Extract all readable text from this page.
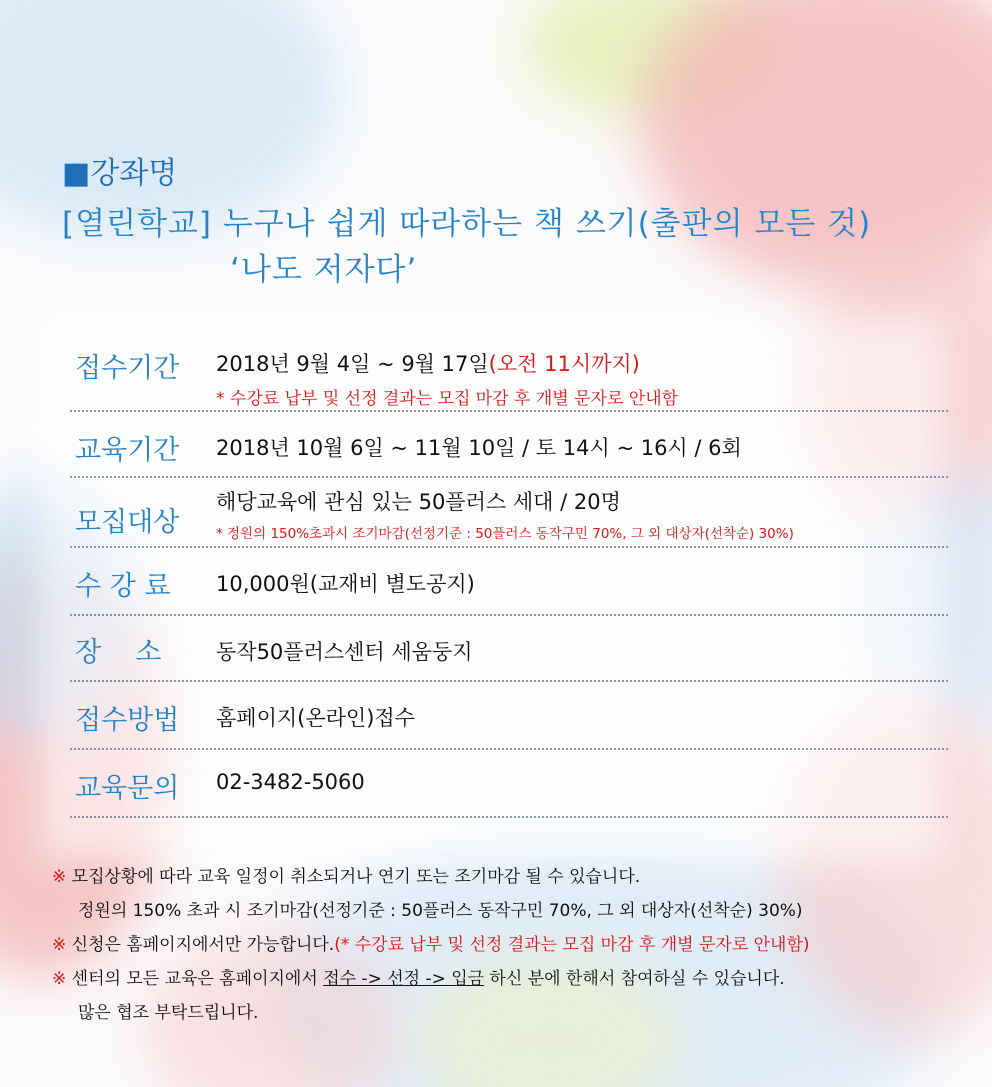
■강좌명
[열린학교] 누구나 쉽게 따라하는 책 쓰기(출판의 모든 것)
‘나도 저자다’
접수기간 2018년 9월 4일 ~ 9월 17일(오전 11시까지)
* 수강료 납부 및 선정 결과는 모집 마감 후 개별 문자로 안내함
교육기간 2018년 10월 6일 ~ 11월 10일 / 토 14시 ~ 16시 / 6회
모집대상
해당교육에 관심 있는 50플러스 세대 / 20명
* 정원의 150%초과시 조기마감(선정기준 : 50플러스 동작구민 70%, 그 외 대상자(선착순) 30%)
수 강 료 10,000원(교재비 별도공지)
장    소	동작50플러스센터 세움둥지
접수방법 홈페이지(온라인)접수
교육문의 02-3482-5060
※ 모집상황에 따라 교육 일정이 취소되거나 연기 또는 조기마감 될 수 있습니다.
정원의 150% 초과 시 조기마감(선정기준 : 50플러스 동작구민 70%, 그 외 대상자(선착순) 30%)
※ 신청은 홈페이지에서만 가능합니다.(* 수강료 납부 및 선정 결과는 모집 마감 후 개별 문자로 안내함)
※ 센터의 모든 교육은 홈페이지에서 접수 -> 선정 -> 입금 하신 분에 한해서 참여하실 수 있습니다.
많은 협조 부탁드립니다.
